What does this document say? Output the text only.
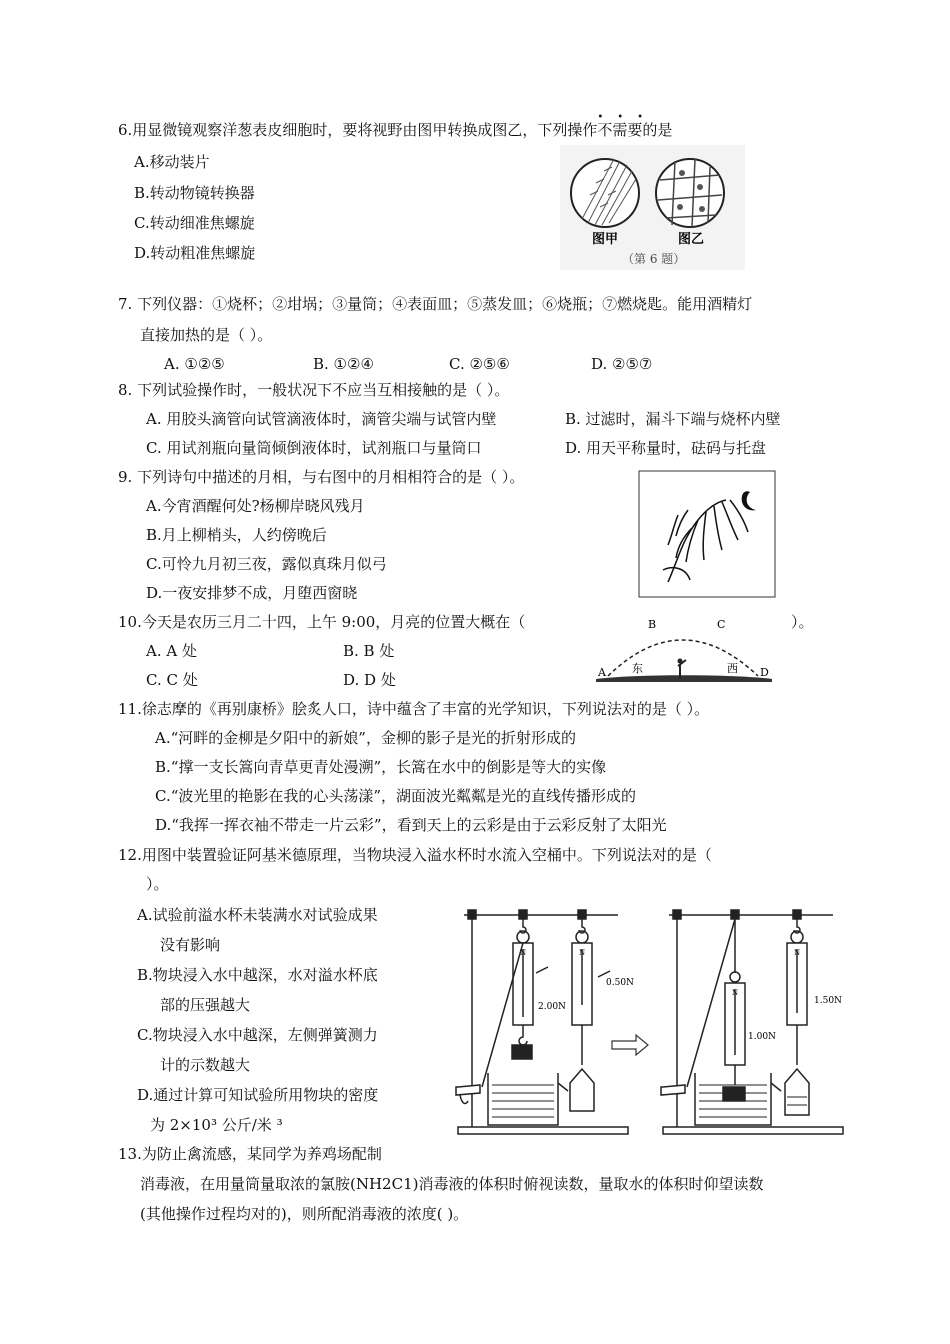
6.用显微镜观察洋葱表皮细胞时，要将视野由图甲转换成图乙，下列操作不需要
•••
的是
A.移动装片
B.转动物镜转换器
C.转动细准焦螺旋
D.转动粗准焦螺旋
图甲	图乙
（第 6 题）
7. 下列仪器：①烧杯；②坩埚；③量筒；④表面皿；⑤蒸发皿；⑥烧瓶；⑦燃烧匙。能用酒精灯
直接加热的是（ ）。
A. ①②⑤	B. ①②④	C. ②⑤⑥	D. ②⑤⑦
8. 下列试验操作时，一般状况下不应当互相接触的是（ ）。
A. 用胶头滴管向试管滴液体时，滴管尖端与试管内壁	B. 过滤时，漏斗下端与烧杯内壁
C. 用试剂瓶向量筒倾倒液体时，试剂瓶口与量筒口	D. 用天平称量时，砝码与托盘
9. 下列诗句中描述的月相，与右图中的月相相符合的是（ ）。
A.今宵酒醒何处?杨柳岸晓风残月
B.月上柳梢头，人约傍晚后
C.可怜九月初三夜，露似真珠月似弓
D.一夜安排梦不成，月堕西窗晓
10.今天是农历三月二十四，上午 9:00，月亮的位置大概在（	）。
A. A 处	B. B 处
C. C 处	D. D 处	A
B	C
D
东	西
11.徐志摩的《再别康桥》脍炙人口，诗中蕴含了丰富的光学知识，下列说法对的是（ ）。
A.“河畔的金柳是夕阳中的新娘”，金柳的影子是光的折射形成的
B.“撑一支长篙向青草更青处漫溯”，长篙在水中的倒影是等大的实像
C.“波光里的艳影在我的心头荡漾”，湖面波光粼粼是光的直线传播形成的
D.“我挥一挥衣袖不带走一片云彩”，看到天上的云彩是由于云彩反射了太阳光
12.用图中装置验证阿基米德原理，当物块浸入溢水杯时水流入空桶中。下列说法对的是（
）。
A.试验前溢水杯未装满水对试验成果
没有影响
B.物块浸入水中越深，水对溢水杯底
部的压强越大
C.物块浸入水中越深，左侧弹簧测力
计的示数越大
D.通过计算可知试验所用物块的密度
为 2×10³ 公斤/米 ³
2.00N
0.50N
1.00N
1.50N
N	N
N
N
13.为防止禽流感，某同学为养鸡场配制
消毒液，在用量筒量取浓的氯胺(NH2C1)消毒液的体积时俯视读数，量取水的体积时仰望读数
(其他操作过程均对的)，则所配消毒液的浓度( )。
